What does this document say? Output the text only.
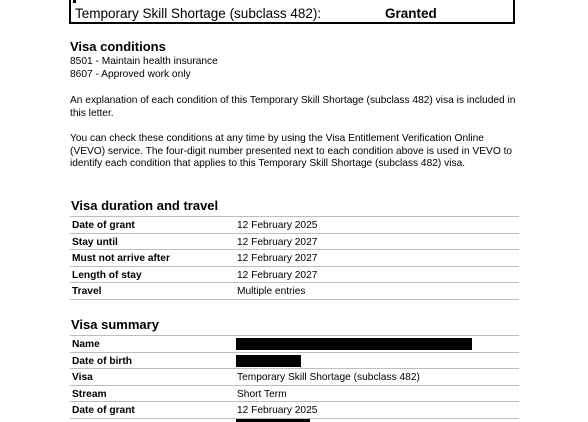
Temporary Skill Shortage (subclass 482):	Granted
Visa conditions
8501 - Maintain health insurance
8607 - Approved work only
An explanation of each condition of this Temporary Skill Shortage (subclass 482) visa is included in this letter.
You can check these conditions at any time by using the Visa Entitlement Verification Online (VEVO) service. The four-digit number presented next to each condition above is used in VEVO to identify each condition that applies to this Temporary Skill Shortage (subclass 482) visa.
Visa duration and travel
Date of grant	12 February 2025
Stay until	12 February 2027
Must not arrive after	12 February 2027
Length of stay	12 February 2027
Travel	Multiple entries
Visa summary
Name
Date of birth
Visa	Temporary Skill Shortage (subclass 482)
Stream	Short Term
Date of grant	12 February 2025
